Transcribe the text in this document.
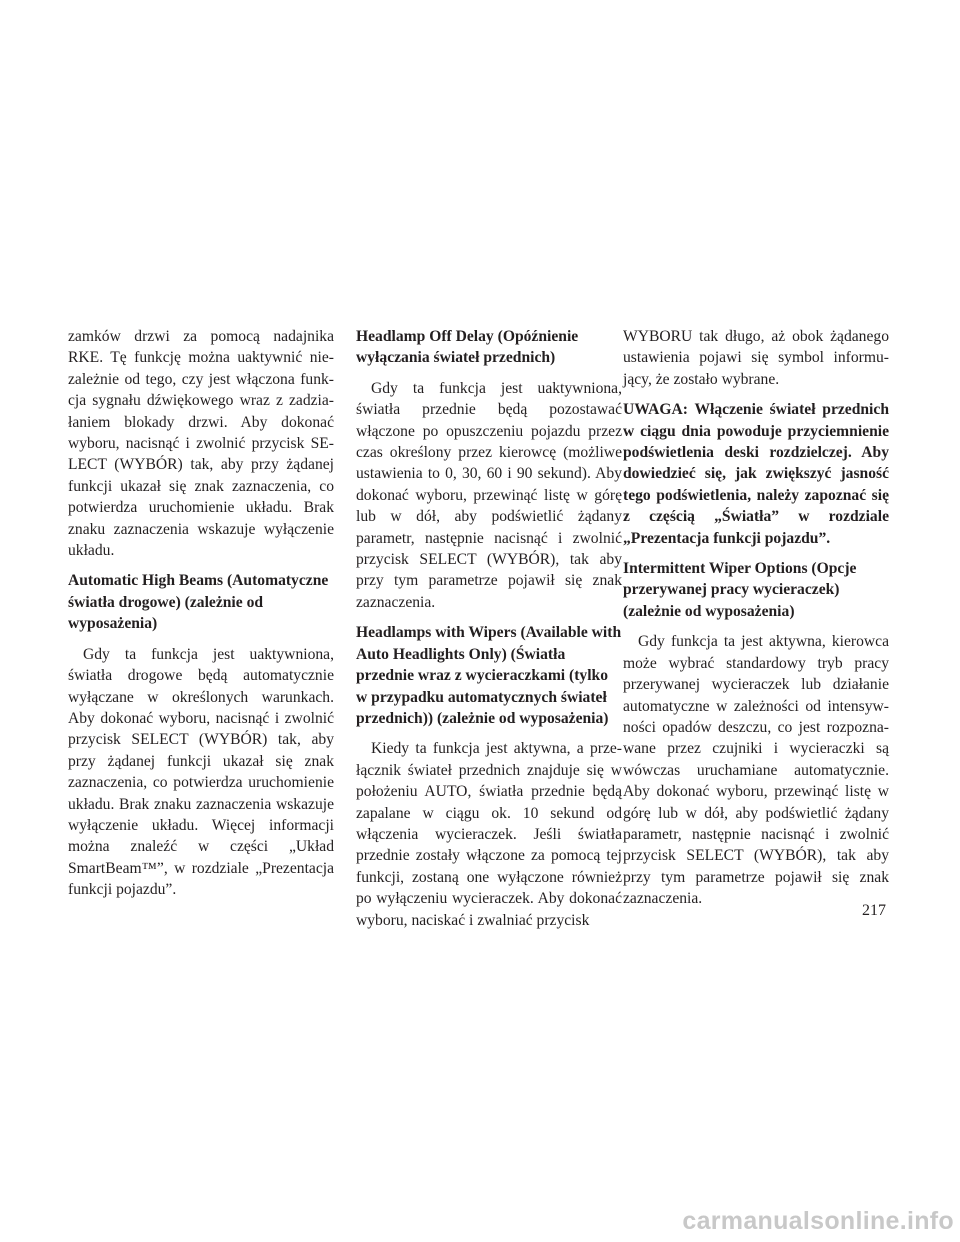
zamków drzwi za pomocą nadajnika RKE. Tę funkcję można uaktywnić niezależnie od tego, czy jest włączona funkcja sygnału dźwiękowego wraz z zadziałaniem blokady drzwi. Aby dokonać wyboru, nacisnąć i zwolnić przycisk SELECT (WYBÓR) tak, aby przy żądanej funkcji ukazał się znak zaznaczenia, co potwierdza uruchomienie układu. Brak znaku zaznaczenia wskazuje wyłączenie układu.

Automatic High Beams (Automatyczne światła drogowe) (zależnie od wyposażenia)

Gdy ta funkcja jest uaktywniona, światła drogowe będą automatycznie wyłączane w określonych warunkach. Aby dokonać wyboru, nacisnąć i zwolnić przycisk SELECT (WYBÓR) tak, aby przy żądanej funkcji ukazał się znak zaznaczenia, co potwierdza uruchomienie układu. Brak znaku zaznaczenia wskazuje wyłączenie układu. Więcej informacji można znaleźć w części „Układ SmartBeam™”, w rozdziale „Prezentacja funkcji pojazdu”.

Headlamp Off Delay (Opóźnienie wyłączania świateł przednich)

Gdy ta funkcja jest uaktywniona, światła przednie będą pozostawać włączone po opuszczeniu pojazdu przez czas określony przez kierowcę (możliwe ustawienia to 0, 30, 60 i 90 sekund). Aby dokonać wyboru, przewinąć listę w górę lub w dół, aby podświetlić żądany parametr, następnie nacisnąć i zwolnić przycisk SELECT (WYBÓR), tak aby przy tym parametrze pojawił się znak zaznaczenia.

Headlamps with Wipers (Available with Auto Headlights Only) (Światła przednie wraz z wycieraczkami (tylko w przypadku automatycznych świateł przednich)) (zależnie od wyposażenia)

Kiedy ta funkcja jest aktywna, a przełącznik świateł przednich znajduje się w położeniu AUTO, światła przednie będą zapalane w ciągu ok. 10 sekund od włączenia wycieraczek. Jeśli światła przednie zostały włączone za pomocą tej funkcji, zostaną one wyłączone również po wyłączeniu wycieraczek. Aby dokonać wyboru, naciskać i zwalniać przycisk

WYBORU tak długo, aż obok żądanego ustawienia pojawi się symbol informujący, że zostało wybrane.

UWAGA: Włączenie świateł przednich w ciągu dnia powoduje przyciemnienie podświetlenia deski rozdzielczej. Aby dowiedzieć się, jak zwiększyć jasność tego podświetlenia, należy zapoznać się z częścią „Światła” w rozdziale „Prezentacja funkcji pojazdu”.

Intermittent Wiper Options (Opcje przerywanej pracy wycieraczek) (zależnie od wyposażenia)

Gdy funkcja ta jest aktywna, kierowca może wybrać standardowy tryb pracy przerywanej wycieraczek lub działanie automatyczne w zależności od intensywności opadów deszczu, co jest rozpoznawane przez czujniki i wycieraczki są wówczas uruchamiane automatycznie. Aby dokonać wyboru, przewinąć listę w górę lub w dół, aby podświetlić żądany parametr, następnie nacisnąć i zwolnić przycisk SELECT (WYBÓR), tak aby przy tym parametrze pojawił się znak zaznaczenia.

217
carmanualsonline.info
